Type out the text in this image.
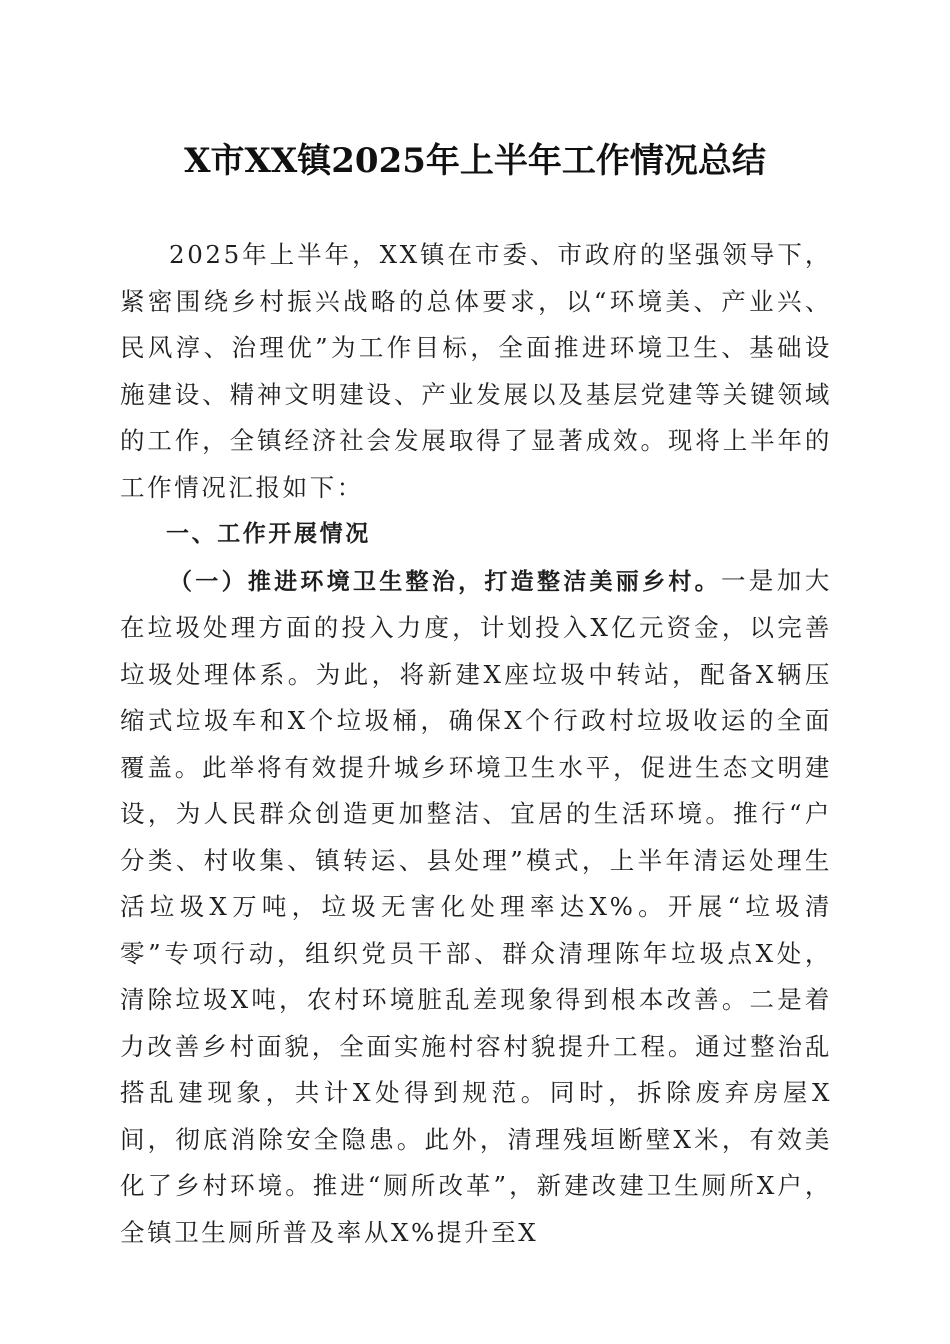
X市XX镇2025年上半年工作情况总结

2025年上半年，XX镇在市委、市政府的坚强领导下，紧密围绕乡村振兴战略的总体要求，以“环境美、产业兴、民风淳、治理优”为工作目标，全面推进环境卫生、基础设施建设、精神文明建设、产业发展以及基层党建等关键领域的工作，全镇经济社会发展取得了显著成效。现将上半年的工作情况汇报如下：

一、工作开展情况

（一）推进环境卫生整治，打造整洁美丽乡村。一是加大在垃圾处理方面的投入力度，计划投入X亿元资金，以完善垃圾处理体系。为此，将新建X座垃圾中转站，配备X辆压缩式垃圾车和X个垃圾桶，确保X个行政村垃圾收运的全面覆盖。此举将有效提升城乡环境卫生水平，促进生态文明建设，为人民群众创造更加整洁、宜居的生活环境。推行“户分类、村收集、镇转运、县处理”模式，上半年清运处理生活垃圾X万吨，垃圾无害化处理率达X%。开展“垃圾清零”专项行动，组织党员干部、群众清理陈年垃圾点X处，清除垃圾X吨，农村环境脏乱差现象得到根本改善。二是着力改善乡村面貌，全面实施村容村貌提升工程。通过整治乱搭乱建现象，共计X处得到规范。同时，拆除废弃房屋X间，彻底消除安全隐患。此外，清理残垣断壁X米，有效美化了乡村环境。推进“厕所改革”，新建改建卫生厕所X户，全镇卫生厕所普及率从X%提升至X
